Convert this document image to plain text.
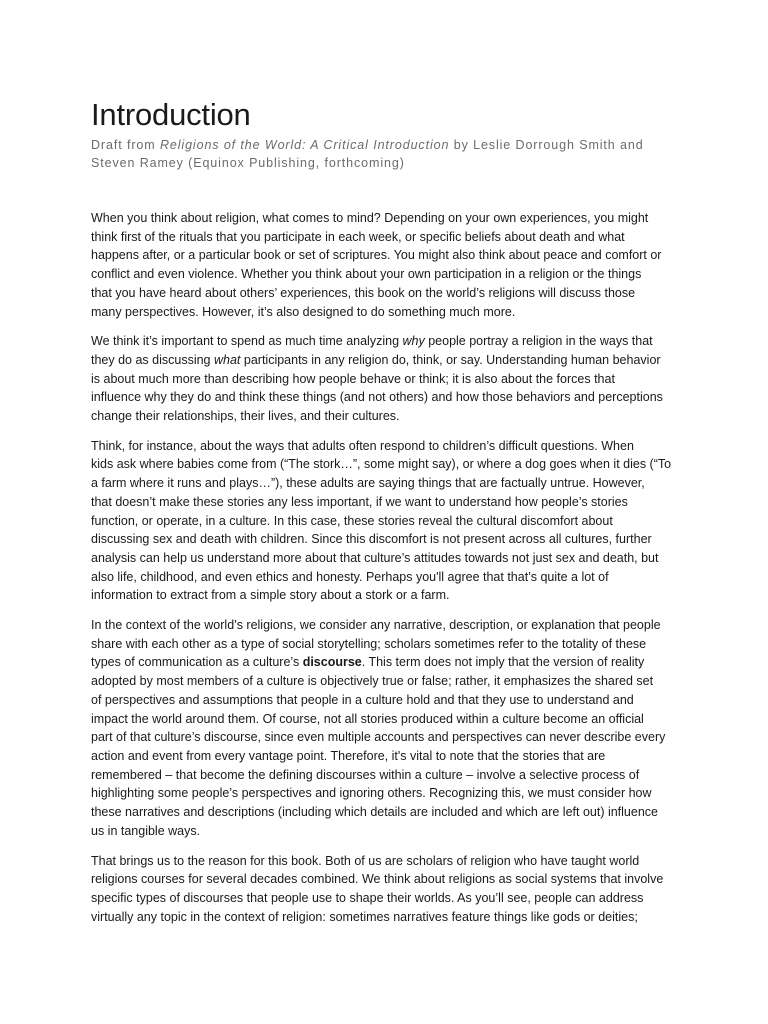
Introduction

Draft from Religions of the World: A Critical Introduction by Leslie Dorrough Smith and
Steven Ramey (Equinox Publishing, forthcoming)

When you think about religion, what comes to mind? Depending on your own experiences, you might
think first of the rituals that you participate in each week, or specific beliefs about death and what
happens after, or a particular book or set of scriptures. You might also think about peace and comfort or
conflict and even violence. Whether you think about your own participation in a religion or the things
that you have heard about others’ experiences, this book on the world’s religions will discuss those
many perspectives. However, it’s also designed to do something much more.

We think it’s important to spend as much time analyzing why people portray a religion in the ways that
they do as discussing what participants in any religion do, think, or say. Understanding human behavior
is about much more than describing how people behave or think; it is also about the forces that
influence why they do and think these things (and not others) and how those behaviors and perceptions
change their relationships, their lives, and their cultures.

Think, for instance, about the ways that adults often respond to children’s difficult questions. When
kids ask where babies come from (“The stork…”, some might say), or where a dog goes when it dies (“To
a farm where it runs and plays…”), these adults are saying things that are factually untrue. However,
that doesn’t make these stories any less important, if we want to understand how people’s stories
function, or operate, in a culture. In this case, these stories reveal the cultural discomfort about
discussing sex and death with children. Since this discomfort is not present across all cultures, further
analysis can help us understand more about that culture’s attitudes towards not just sex and death, but
also life, childhood, and even ethics and honesty. Perhaps you'll agree that that’s quite a lot of
information to extract from a simple story about a stork or a farm.

In the context of the world’s religions, we consider any narrative, description, or explanation that people
share with each other as a type of social storytelling; scholars sometimes refer to the totality of these
types of communication as a culture’s discourse. This term does not imply that the version of reality
adopted by most members of a culture is objectively true or false; rather, it emphasizes the shared set
of perspectives and assumptions that people in a culture hold and that they use to understand and
impact the world around them. Of course, not all stories produced within a culture become an official
part of that culture’s discourse, since even multiple accounts and perspectives can never describe every
action and event from every vantage point. Therefore, it's vital to note that the stories that are
remembered – that become the defining discourses within a culture – involve a selective process of
highlighting some people’s perspectives and ignoring others. Recognizing this, we must consider how
these narratives and descriptions (including which details are included and which are left out) influence
us in tangible ways.

That brings us to the reason for this book. Both of us are scholars of religion who have taught world
religions courses for several decades combined. We think about religions as social systems that involve
specific types of discourses that people use to shape their worlds. As you’ll see, people can address
virtually any topic in the context of religion: sometimes narratives feature things like gods or deities;
